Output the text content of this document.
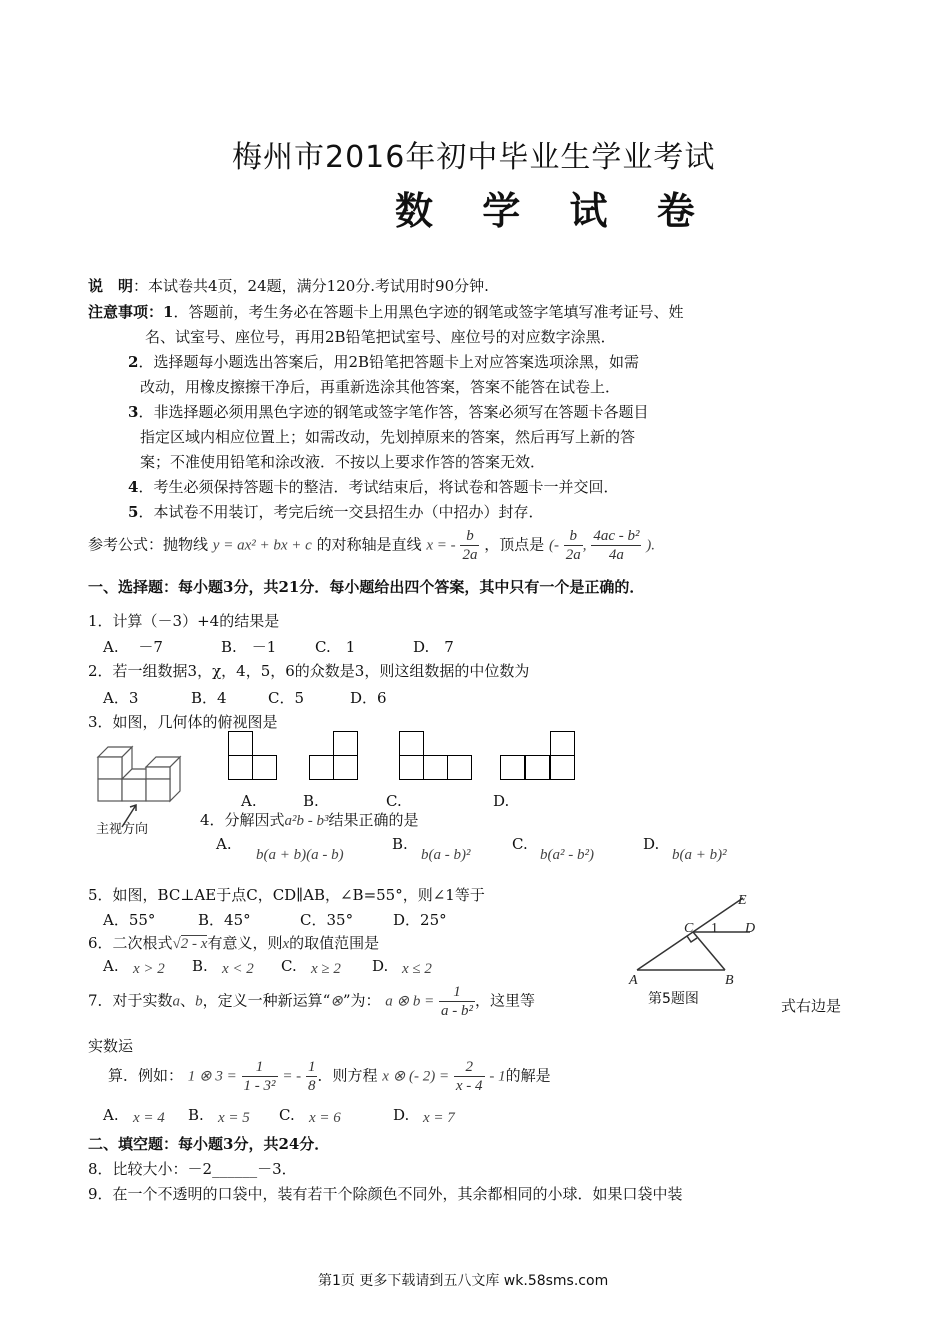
梅州市2016年初中毕业生学业考试
数 学 试 卷
说　明：本试卷共4页，24题，满分120分.考试用时90分钟.
注意事项：1．答题前，考生务必在答题卡上用黑色字迹的钢笔或签字笔填写准考证号、姓
名、试室号、座位号，再用2B铅笔把试室号、座位号的对应数字涂黑．
2．选择题每小题选出答案后，用2B铅笔把答题卡上对应答案选项涂黑，如需
改动，用橡皮擦擦干净后，再重新选涂其他答案，答案不能答在试卷上．
3．非选择题必须用黑色字迹的钢笔或签字笔作答，答案必须写在答题卡各题目
指定区域内相应位置上；如需改动，先划掉原来的答案，然后再写上新的答
案；不准使用铅笔和涂改液．不按以上要求作答的答案无效．
4．考生必须保持答题卡的整洁．考试结束后，将试卷和答题卡一并交回．
5．本试卷不用装订，考完后统一交县招生办（中招办）封存．
参考公式：抛物线 y = ax² + bx + c 的对称轴是直线 x = - $\frac{b}{2a}$ ，顶点是 (- $\frac{b}{2a}$ , $\frac{\text{4ac - b²}}{4a}$ ).
一、选择题：每小题3分，共21分．每小题给出四个答案，其中只有一个是正确的．
1．计算（－3）+4的结果是
A.　 －7	B.　－1	C.　1	D.　7
2．若一组数据3，χ，4，5，6的众数是3，则这组数据的中位数为
A．3	B．4	C．5	D．6
3．如图，几何体的俯视图是
主视方向
A.	B.	C.	D.
4．分解因式a²b - b³结果正确的是
A.
b(a + b)(a - b)
B.
b(a - b)²
C.
b(a² - b²)
D.
b(a + b)²
5．如图，BC⊥AE于点C，CD∥AB，∠B=55°，则∠1等于
A．55°	B．45°	C．35°	D．25°
E
C 1 D
A	B
第5题图
6．二次根式√2 - x有意义，则x的取值范围是
A. x > 2 B. x < 2 C. x ≥ 2 D. x ≤ 2
7．对于实数a、b，定义一种新运算“⊗”为： a ⊗ $b = \frac{1}{\text{a - b²}}$ ，这里等	式右边是
实数运
算．例如： 1 ⊗ $3 = \frac{1}{\text{1 - 3²}}$ = - $\frac{1}{8}$ ．则方程 x ⊗ (- $2) = \frac{2}{x - 4} - 1$的解是
A. x = 4 B. x = 5 C. x = 6	D. x = 7
二、填空题：每小题3分，共24分．
8．比较大小：－2______－3．
9．在一个不透明的口袋中，装有若干个除颜色不同外，其余都相同的小球．如果口袋中装
第1页 更多下载请到五八文库 wk.58sms.com
